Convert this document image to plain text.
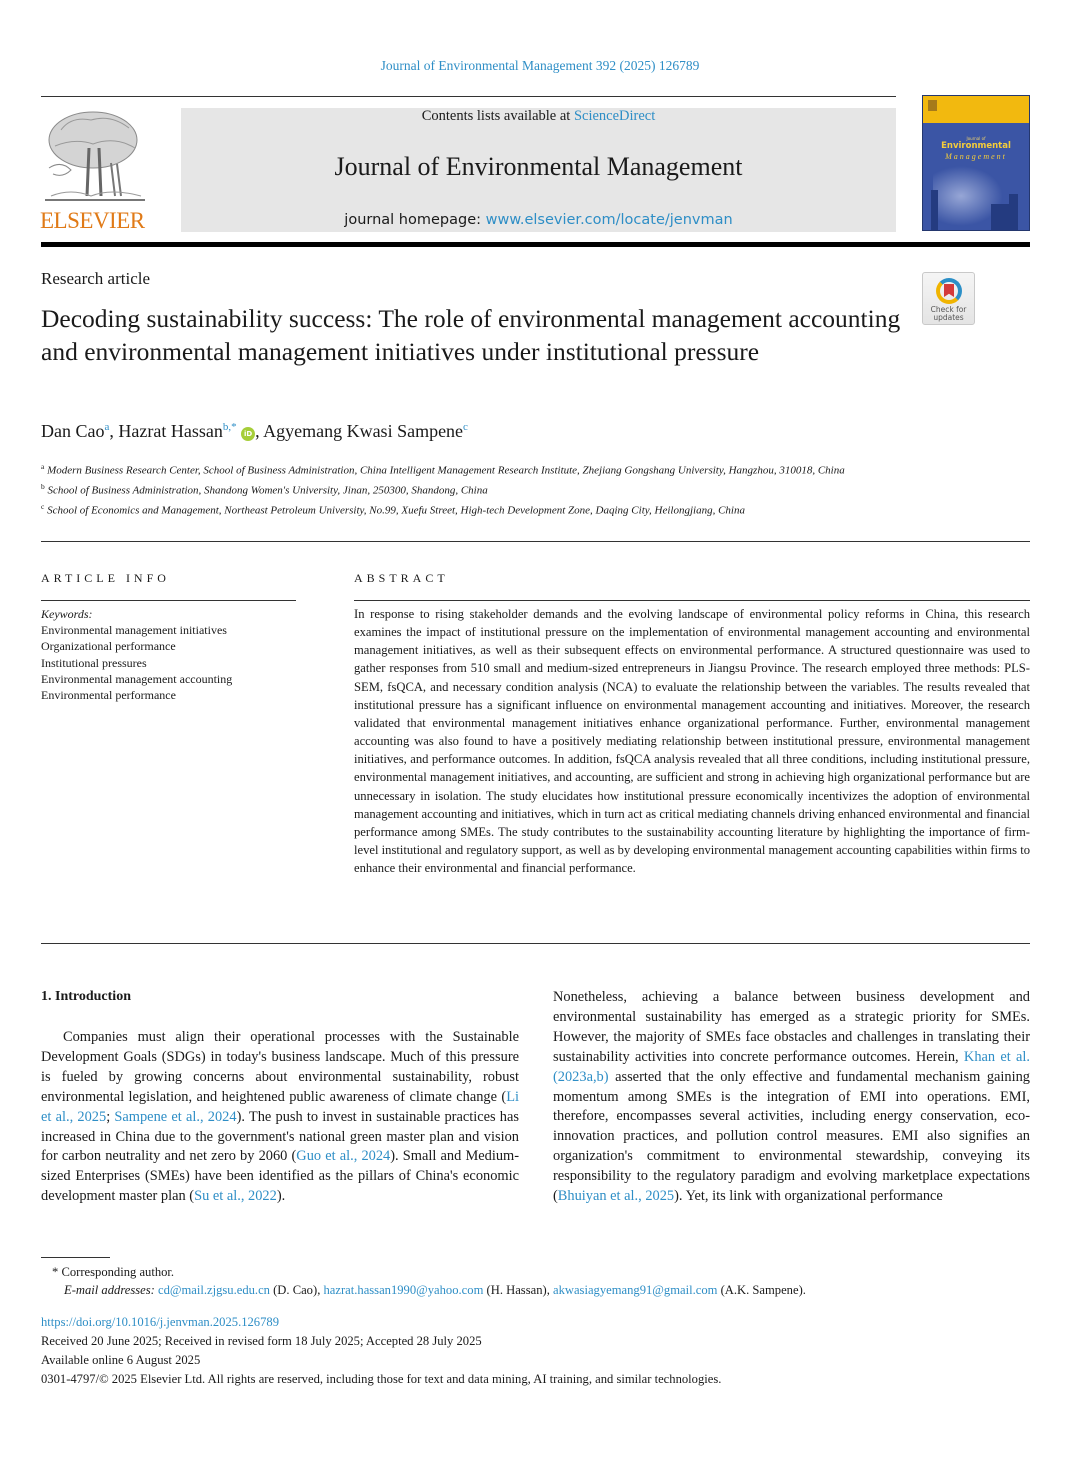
Journal of Environmental Management 392 (2025) 126789
ELSEVIER
Contents lists available at ScienceDirect
Journal of Environmental Management
journal homepage: www.elsevier.com/locate/jenvman
Journal of
Environmental
Management
Research article
Check for
updates
Decoding sustainability success: The role of environmental management accounting and environmental management initiatives under institutional pressure
Dan Cao$^a$, Hazrat Hassan$^{b,*}$ iD , Agyemang Kwasi Sampene$^c$
$^a$ Modern Business Research Center, School of Business Administration, China Intelligent Management Research Institute, Zhejiang Gongshang University, Hangzhou, 310018, China
$^b$ School of Business Administration, Shandong Women's University, Jinan, 250300, Shandong, China
$^c$ School of Economics and Management, Northeast Petroleum University, No.99, Xuefu Street, High-tech Development Zone, Daqing City, Heilongjiang, China
ARTICLE INFO	ABSTRACT
Keywords:
Environmental management initiatives
Organizational performance
Institutional pressures
Environmental management accounting
Environmental performance
In response to rising stakeholder demands and the evolving landscape of environmental policy reforms in China, this research examines the impact of institutional pressure on the implementation of environmental management accounting and environmental management initiatives, as well as their subsequent effects on environmental performance. A structured questionnaire was used to gather responses from 510 small and medium-sized entrepreneurs in Jiangsu Province. The research employed three methods: PLS-SEM, fsQCA, and necessary condition analysis (NCA) to evaluate the relationship between the variables. The results revealed that institutional pressure has a significant influence on environmental management accounting and initiatives. Moreover, the research validated that environmental management initiatives enhance organizational performance. Further, environmental management accounting was also found to have a positively mediating relationship between institutional pressure, environmental management initiatives, and performance outcomes. In addition, fsQCA analysis revealed that all three conditions, including institutional pressure, environmental management initiatives, and accounting, are sufficient and strong in achieving high organizational performance but are unnecessary in isolation. The study elucidates how institutional pressure economically incentivizes the adoption of environmental management accounting and initiatives, which in turn act as critical mediating channels driving enhanced environmental and financial performance among SMEs. The study contributes to the sustainability accounting literature by highlighting the importance of firm-level institutional and regulatory support, as well as by developing environmental management accounting capabilities within firms to enhance their environmental and financial performance.
1. Introduction
Companies must align their operational processes with the Sustainable Development Goals (SDGs) in today's business landscape. Much of this pressure is fueled by growing concerns about environmental sustainability, robust environmental legislation, and heightened public awareness of climate change (Li et al., 2025; Sampene et al., 2024). The push to invest in sustainable practices has increased in China due to the government's national green master plan and vision for carbon neutrality and net zero by 2060 (Guo et al., 2024). Small and Medium-sized Enterprises (SMEs) have been identified as the pillars of China's economic development master plan (Su et al., 2022).
Nonetheless, achieving a balance between business development and environmental sustainability has emerged as a strategic priority for SMEs. However, the majority of SMEs face obstacles and challenges in translating their sustainability activities into concrete performance outcomes. Herein, Khan et al. (2023a,b) asserted that the only effective and fundamental mechanism gaining momentum among SMEs is the integration of EMI into operations. EMI, therefore, encompasses several activities, including energy conservation, eco-innovation practices, and pollution control measures. EMI also signifies an organization's commitment to environmental stewardship, conveying its responsibility to the regulatory paradigm and evolving marketplace expectations (Bhuiyan et al., 2025). Yet, its link with organizational performance
* Corresponding author.
E-mail addresses: cd@mail.zjgsu.edu.cn (D. Cao), hazrat.hassan1990@yahoo.com (H. Hassan), akwasiagyemang91@gmail.com (A.K. Sampene).
https://doi.org/10.1016/j.jenvman.2025.126789
Received 20 June 2025; Received in revised form 18 July 2025; Accepted 28 July 2025
Available online 6 August 2025
0301-4797/© 2025 Elsevier Ltd. All rights are reserved, including those for text and data mining, AI training, and similar technologies.
